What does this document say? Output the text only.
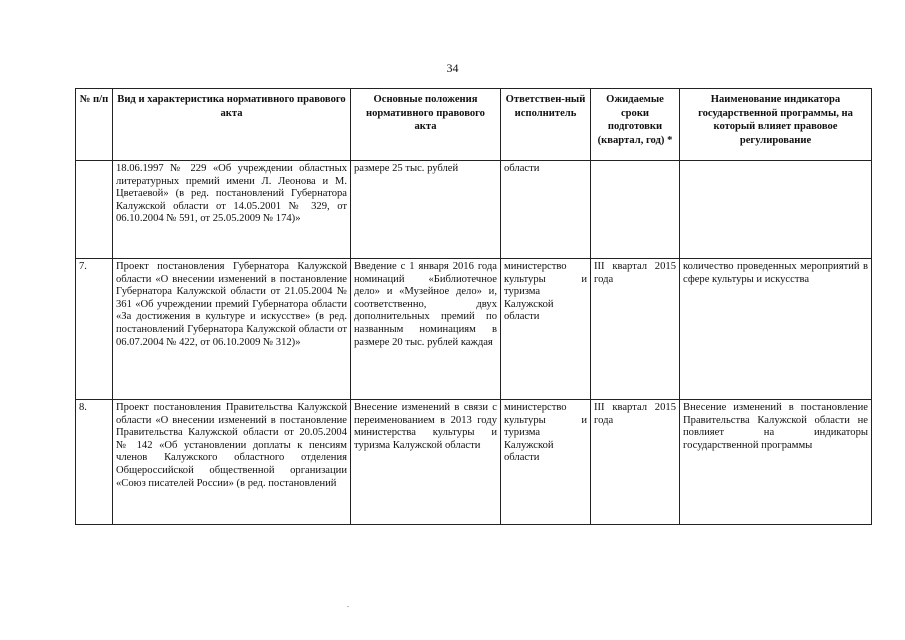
34
№ п/п	Вид и характеристика нормативного правового акта	Основные положения нормативного правового акта	Ответствен-ный исполнитель	Ожидаемые сроки подготовки (квартал, год) *	Наименование индикатора государственной программы, на который влияет правовое регулирование
	18.06.1997 № 229 «Об учреждении областных литературных премий имени Л. Леонова и М. Цветаевой» (в ред. постановлений Губернатора Калужской области от 14.05.2001 № 329, от 06.10.2004 № 591, от 25.05.2009 № 174)»	размере 25 тыс. рублей	области		
7.	Проект постановления Губернатора Калужской области «О внесении изменений в постановление Губернатора Калужской области от 21.05.2004 № 361 «Об учреждении премий Губернатора области «За достижения в культуре и искусстве» (в ред. постановлений Губернатора Калужской области от 06.07.2004 № 422, от 06.10.2009 № 312)»	Введение с 1 января 2016 года номинаций «Библиотечное дело» и «Музейное дело» и, соответственно, двух дополнительных премий по названным номинациям в размере 20 тыс. рублей каждая	министерство культуры и туризма Калужской области	III квартал 2015 года	количество проведенных мероприятий в сфере культуры и искусства
8.	Проект постановления Правительства Калужской области «О внесении изменений в постановление Правительства Калужской области от 20.05.2004 № 142 «Об установлении доплаты к пенсиям членов Калужского областного отделения Общероссийской общественной организации «Союз писателей России» (в ред. постановлений	Внесение изменений в связи с переименованием в 2013 году министерства культуры и туризма Калужской области	министерство культуры и туризма Калужской области	III квартал 2015 года	Внесение изменений в постановление Правительства Калужской области не повлияет на индикаторы государственной программы
